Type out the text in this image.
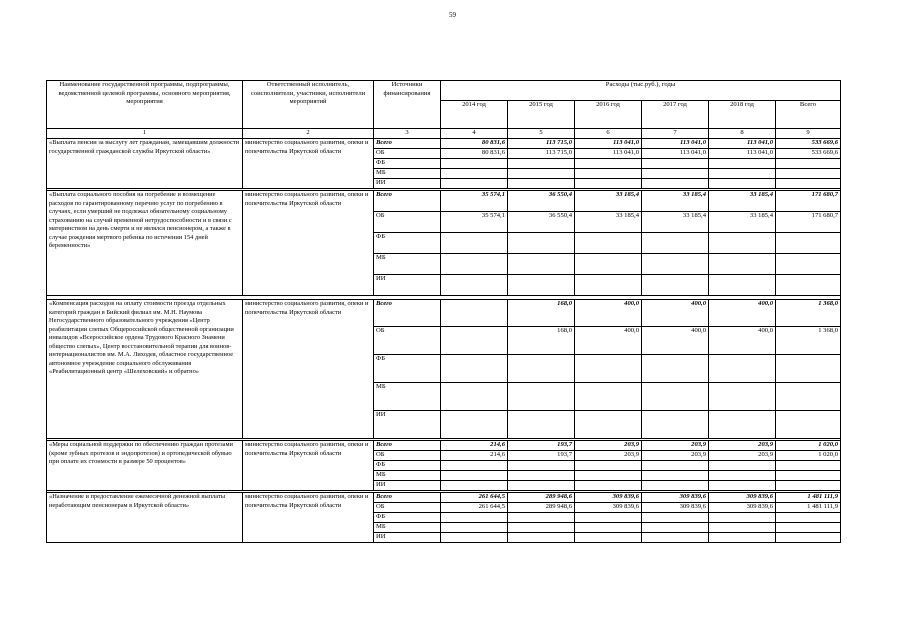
59
Наименование государственной программы, подпрограммы, ведомственной целевой программы, основного мероприятия, мероприятия	Ответственный исполнитель, соисполнители, участники, исполнители мероприятий	Источники финансирования	Расходы (тыс.руб.), годы					
			2014 год	2015 год	2016 год	2017 год	2018 год	Всего
1	2	3	4	5	6	7	8	9
«Выплата пенсии за выслугу лет гражданам, замещавшим должности государственной гражданской службы Иркутской области»	министерство социального развития, опеки и попечительства Иркутской области	Всего	80 831,6	113 715,0	113 041,0	113 041,0	113 041,0	533 669,6
		ОБ	80 831,6	113 715,0	113 041,0	113 041,0	113 041,0	533 669,6
		ФБ						
		МБ						
		ИИ						

«Выплата социального пособия на погребение и возмещение расходов по гарантированному перечню услуг по погребению в случаях, если умерший не подлежал обязательному социальному страхованию на случай временной нетрудоспособности и в связи с материнством на день смерти и не являлся пенсионером, а также в случае рождения мертвого ребенка по истечении 154 дней беременности»	министерство социального развития, опеки и попечительства Иркутской области	Всего	35 574,1	36 550,4	33 185,4	33 185,4	33 185,4	171 680,7
		ОБ	35 574,1	36 550,4	33 185,4	33 185,4	33 185,4	171 680,7
		ФБ						
		МБ						
		ИИ						

«Компенсация расходов на оплату стоимости проезда отдельных категорий граждан в Бийский филиал им. М.Н. Наумова Негосударственного образовательного учреждения «Центр реабилитации слепых Общероссийской общественной организации инвалидов «Всероссийское ордена Трудового Красного Знамени общество слепых», Центр восстановительной терапии для воинов-интернационалистов им. М.А. Лиходея, областное государственное автономное учреждение социального обслуживания «Реабилитационный центр «Шелеховский» и обратно»	министерство социального развития, опеки и попечительства Иркутской области	Всего		168,0	400,0	400,0	400,0	1 368,0
		ОБ		168,0	400,0	400,0	400,0	1 368,0
		ФБ						
		МБ						
		ИИ						

«Меры социальной поддержки по обеспечению граждан протезами (кроме зубных протезов и эндопротезов) и ортопедической обувью при оплате их стоимости в размере 50 процентов»	министерство социального развития, опеки и попечительства Иркутской области	Всего	214,6	193,7	203,9	203,9	203,9	1 020,0
		ОБ	214,6	193,7	203,9	203,9	203,9	1 020,0
		ФБ						
		МБ						
		ИИ						

«Назначение и предоставление ежемесячной денежной выплаты неработающим пенсионерам в Иркутской области»	министерство социального развития, опеки и попечительства Иркутской области	Всего	261 644,5	289 948,6	309 839,6	309 839,6	309 839,6	1 481 111,9
		ОБ	261 644,5	289 948,6	309 839,6	309 839,6	309 839,6	1 481 111,9
		ФБ						
		МБ						
		ИИ						
